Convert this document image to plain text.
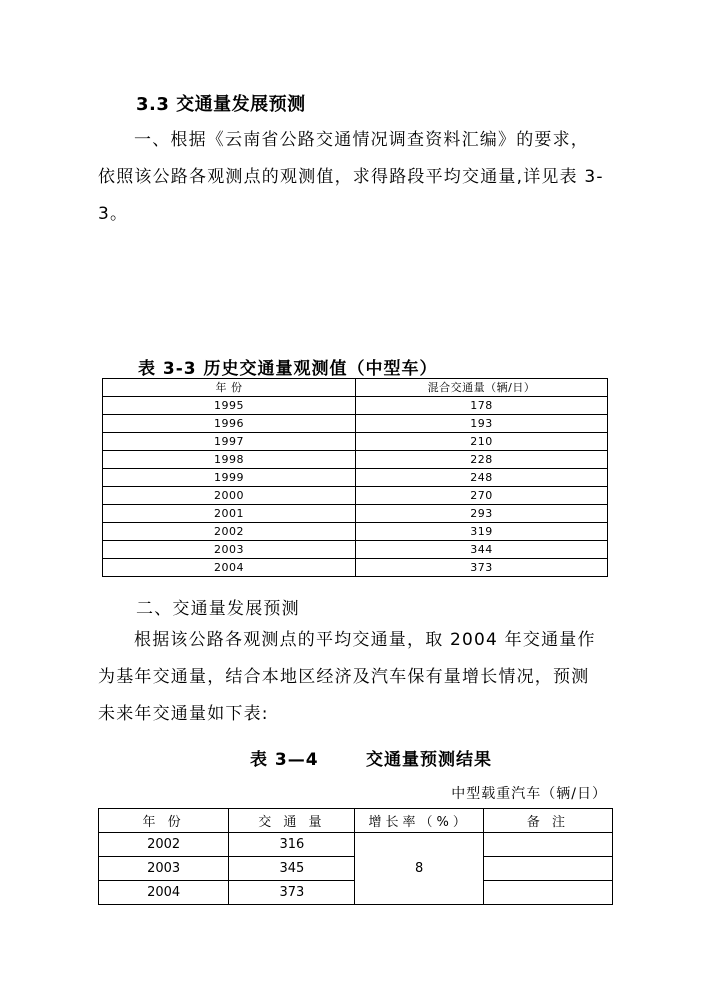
3.3 交通量发展预测
一、根据《云南省公路交通情况调查资料汇编》的要求，依照该公路各观测点的观测值，求得路段平均交通量,详见表 3-3。
表 3-3 历史交通量观测值（中型车）
年 份	混合交通量（辆/日）
1995	178
1996	193
1997	210
1998	228
1999	248
2000	270
2001	293
2002	319
2003	344
2004	373
二、交通量发展预测
根据该公路各观测点的平均交通量，取 2004 年交通量作为基年交通量，结合本地区经济及汽车保有量增长情况，预测未来年交通量如下表:
表 3—4	交通量预测结果
中型载重汽车（辆/日）
年 份	交 通 量	增长率（%）	备 注
2002	316	8	
2003	345		
2004	373		
